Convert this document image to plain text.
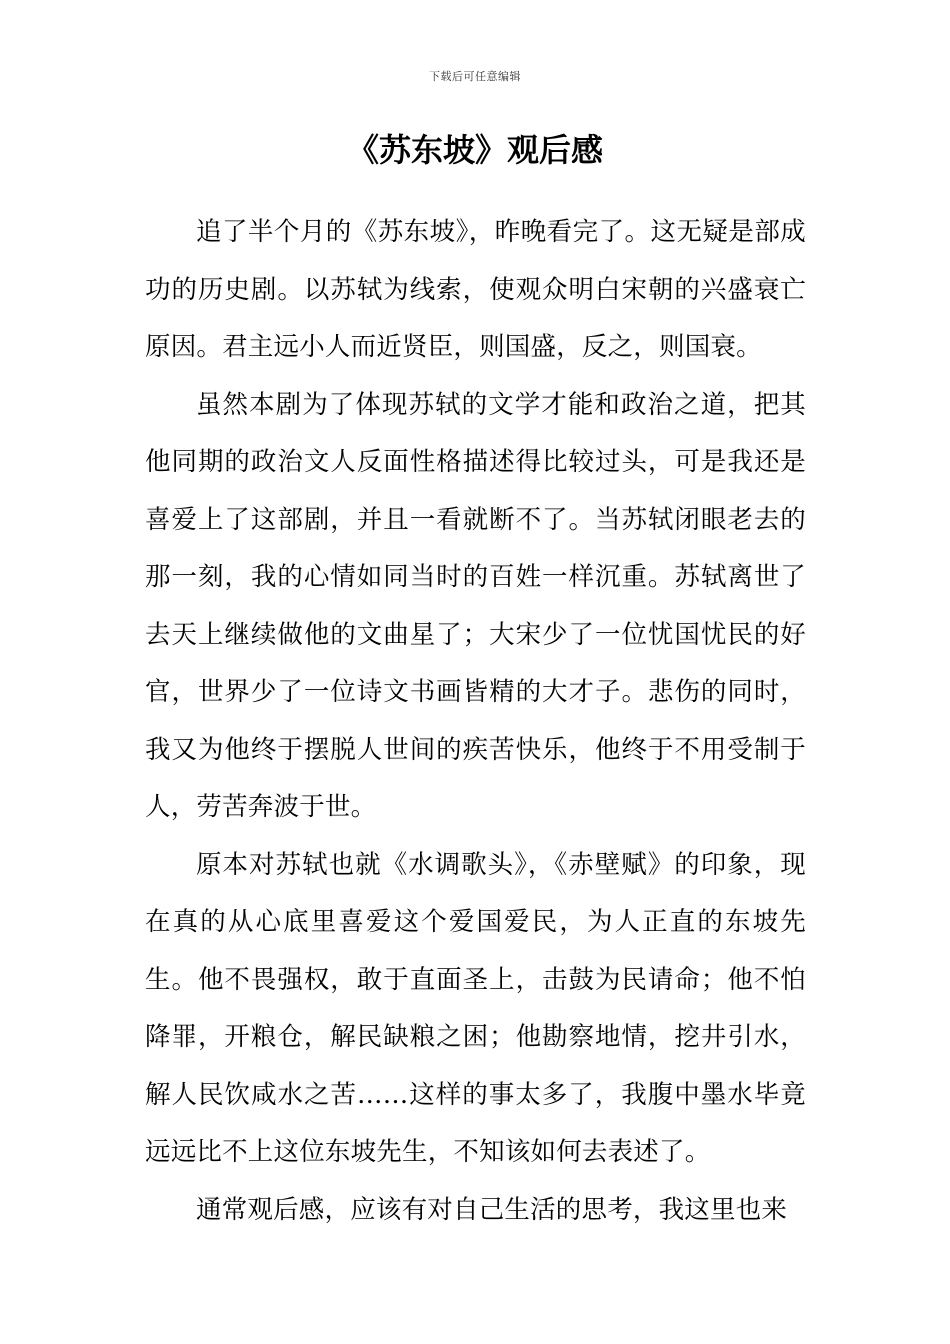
下载后可任意编辑
《苏东坡》观后感

追了半个月的《苏东坡》，昨晚看完了。这无疑是部成功的历史剧。以苏轼为线索，使观众明白宋朝的兴盛衰亡原因。君主远小人而近贤臣，则国盛，反之，则国衰。

虽然本剧为了体现苏轼的文学才能和政治之道，把其他同期的政治文人反面性格描述得比较过头，可是我还是喜爱上了这部剧，并且一看就断不了。当苏轼闭眼老去的那一刻，我的心情如同当时的百姓一样沉重。苏轼离世了去天上继续做他的文曲星了；大宋少了一位忧国忧民的好官，世界少了一位诗文书画皆精的大才子。悲伤的同时，我又为他终于摆脱人世间的疾苦快乐，他终于不用受制于人，劳苦奔波于世。

原本对苏轼也就《水调歌头》，《赤壁赋》的印象，现在真的从心底里喜爱这个爱国爱民，为人正直的东坡先生。他不畏强权，敢于直面圣上，击鼓为民请命；他不怕降罪，开粮仓，解民缺粮之困；他勘察地情，挖井引水，解人民饮咸水之苦……这样的事太多了，我腹中墨水毕竟远远比不上这位东坡先生，不知该如何去表述了。

通常观后感，应该有对自己生活的思考，我这里也来
